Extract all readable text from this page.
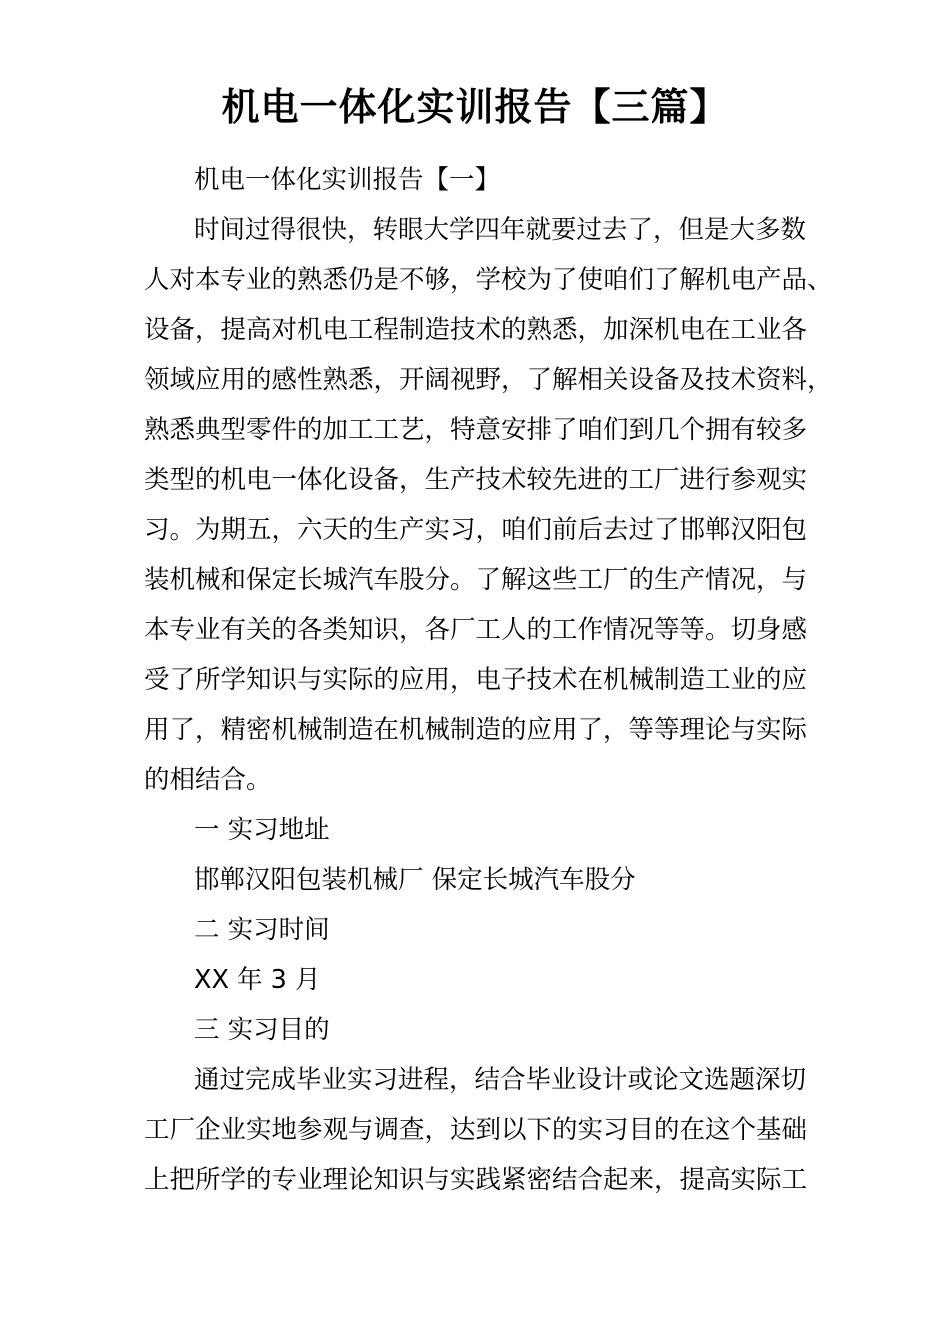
机电一体化实训报告【三篇】
机电一体化实训报告【一】
时间过得很快，转眼大学四年就要过去了，但是大多数
人对本专业的熟悉仍是不够，学校为了使咱们了解机电产品、
设备，提高对机电工程制造技术的熟悉，加深机电在工业各
领域应用的感性熟悉，开阔视野，了解相关设备及技术资料，
熟悉典型零件的加工工艺，特意安排了咱们到几个拥有较多
类型的机电一体化设备，生产技术较先进的工厂进行参观实
习。为期五，六天的生产实习，咱们前后去过了邯郸汉阳包
装机械和保定长城汽车股分。了解这些工厂的生产情况，与
本专业有关的各类知识，各厂工人的工作情况等等。切身感
受了所学知识与实际的应用，电子技术在机械制造工业的应
用了，精密机械制造在机械制造的应用了，等等理论与实际
的相结合。
一 实习地址
邯郸汉阳包装机械厂 保定长城汽车股分
二 实习时间
XX 年 3 月
三 实习目的
通过完成毕业实习进程，结合毕业设计或论文选题深切
工厂企业实地参观与调查，达到以下的实习目的在这个基础
上把所学的专业理论知识与实践紧密结合起来，提高实际工
